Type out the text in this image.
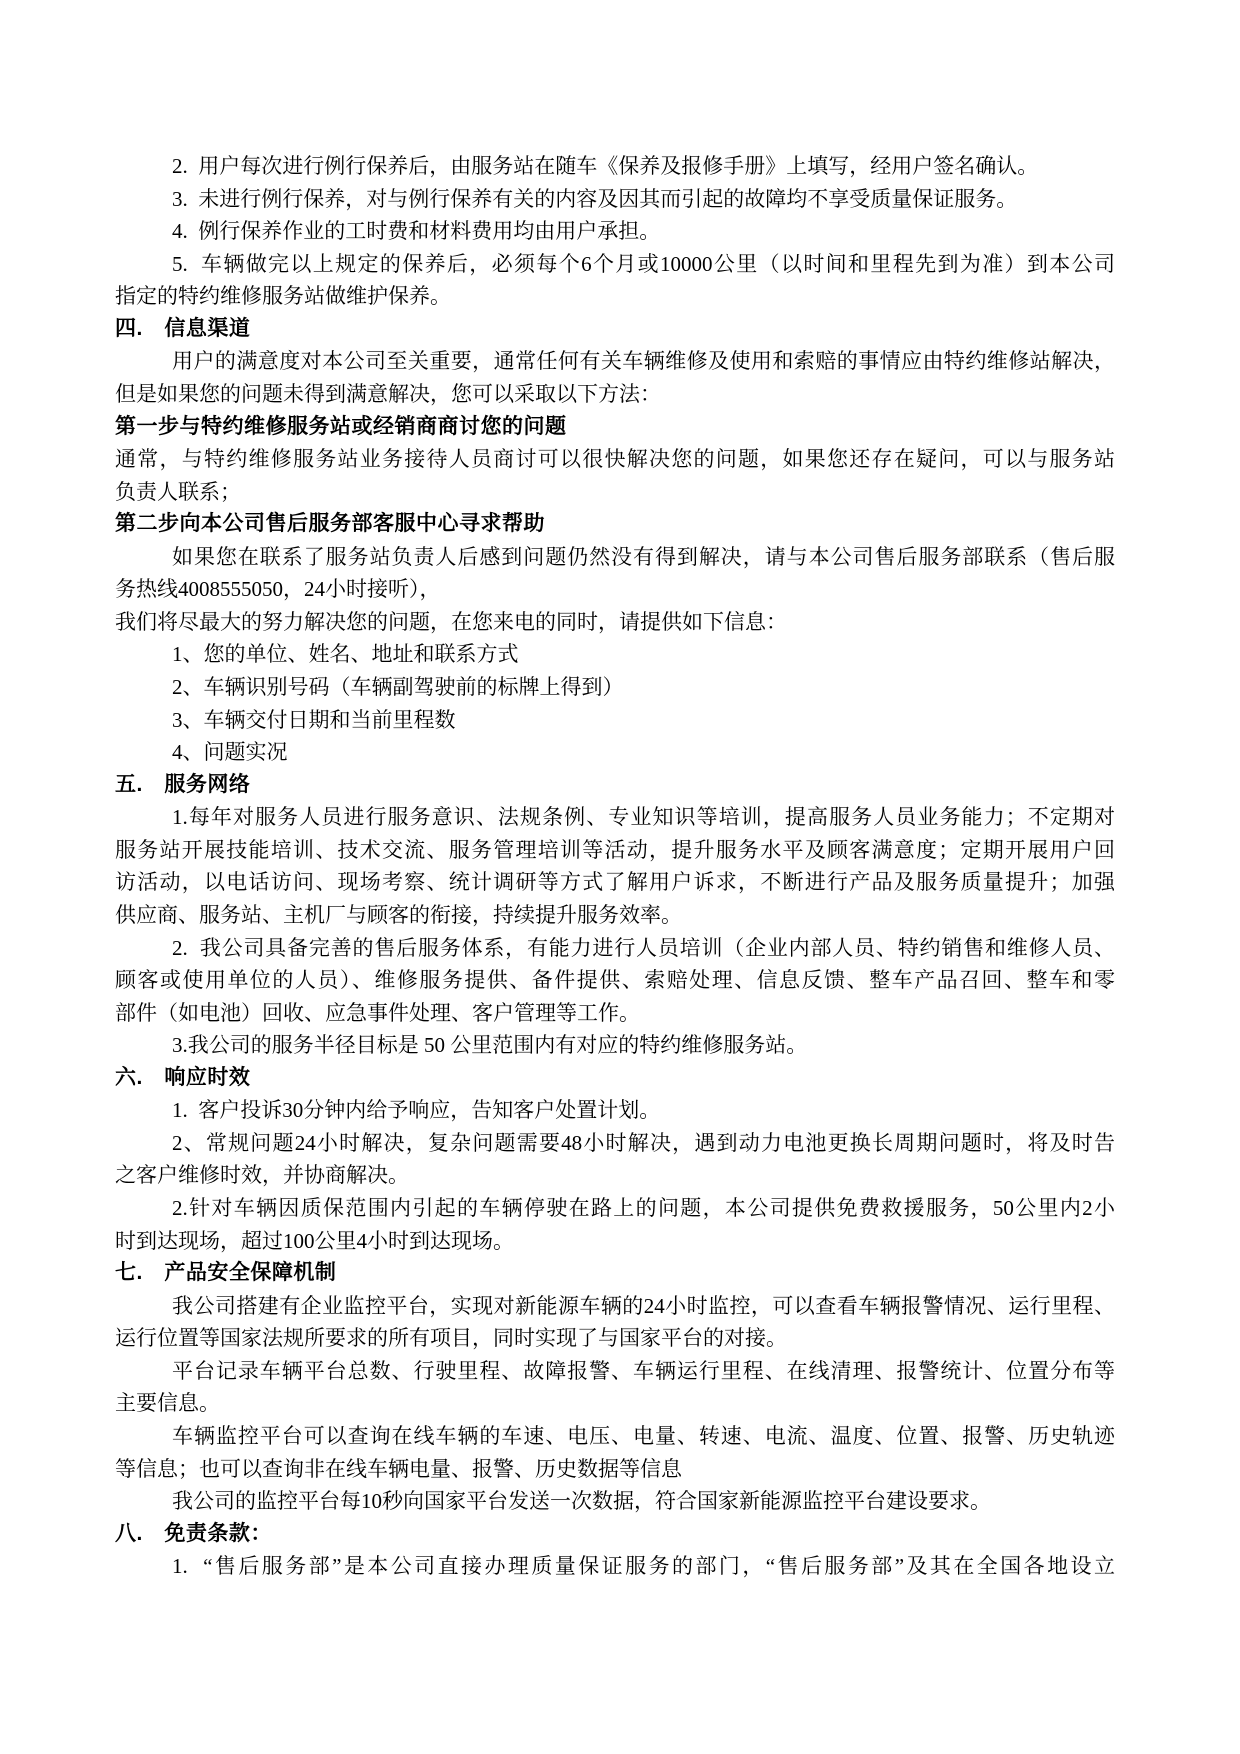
2.  用户每次进行例行保养后，由服务站在随车《保养及报修手册》上填写，经用户签名确认。
3.  未进行例行保养，对与例行保养有关的内容及因其而引起的故障均不享受质量保证服务。
4.  例行保养作业的工时费和材料费用均由用户承担。
5.  车辆做完以上规定的保养后，必须每个6个月或10000公里（以时间和里程先到为准）到本公司
指定的特约维修服务站做维护保养。
四.　信息渠道
用户的满意度对本公司至关重要，通常任何有关车辆维修及使用和索赔的事情应由特约维修站解决，
但是如果您的问题未得到满意解决，您可以采取以下方法：
第一步与特约维修服务站或经销商商讨您的问题
通常，与特约维修服务站业务接待人员商讨可以很快解决您的问题，如果您还存在疑问，可以与服务站
负责人联系；
第二步向本公司售后服务部客服中心寻求帮助
如果您在联系了服务站负责人后感到问题仍然没有得到解决，请与本公司售后服务部联系（售后服
务热线4008555050，24小时接听），
我们将尽最大的努力解决您的问题，在您来电的同时，请提供如下信息：
1、您的单位、姓名、地址和联系方式
2、车辆识别号码（车辆副驾驶前的标牌上得到）
3、车辆交付日期和当前里程数
4、问题实况
五.　服务网络
1.每年对服务人员进行服务意识、法规条例、专业知识等培训，提高服务人员业务能力；不定期对
服务站开展技能培训、技术交流、服务管理培训等活动，提升服务水平及顾客满意度；定期开展用户回
访活动，以电话访问、现场考察、统计调研等方式了解用户诉求，不断进行产品及服务质量提升；加强
供应商、服务站、主机厂与顾客的衔接，持续提升服务效率。
2.  我公司具备完善的售后服务体系，有能力进行人员培训（企业内部人员、特约销售和维修人员、
顾客或使用单位的人员）、维修服务提供、备件提供、索赔处理、信息反馈、整车产品召回、整车和零
部件（如电池）回收、应急事件处理、客户管理等工作。
3.我公司的服务半径目标是 50 公里范围内有对应的特约维修服务站。
六.　响应时效
1.  客户投诉30分钟内给予响应，告知客户处置计划。
2、常规问题24小时解决，复杂问题需要48小时解决，遇到动力电池更换长周期问题时，将及时告
之客户维修时效，并协商解决。
2.针对车辆因质保范围内引起的车辆停驶在路上的问题，本公司提供免费救援服务，50公里内2小
时到达现场，超过100公里4小时到达现场。
七.　产品安全保障机制
我公司搭建有企业监控平台，实现对新能源车辆的24小时监控，可以查看车辆报警情况、运行里程、
运行位置等国家法规所要求的所有项目，同时实现了与国家平台的对接。
平台记录车辆平台总数、行驶里程、故障报警、车辆运行里程、在线清理、报警统计、位置分布等
主要信息。
车辆监控平台可以查询在线车辆的车速、电压、电量、转速、电流、温度、位置、报警、历史轨迹
等信息；也可以查询非在线车辆电量、报警、历史数据等信息
我公司的监控平台每10秒向国家平台发送一次数据，符合国家新能源监控平台建设要求。
八.　免责条款：
1.  “售后服务部”是本公司直接办理质量保证服务的部门，“售后服务部”及其在全国各地设立
